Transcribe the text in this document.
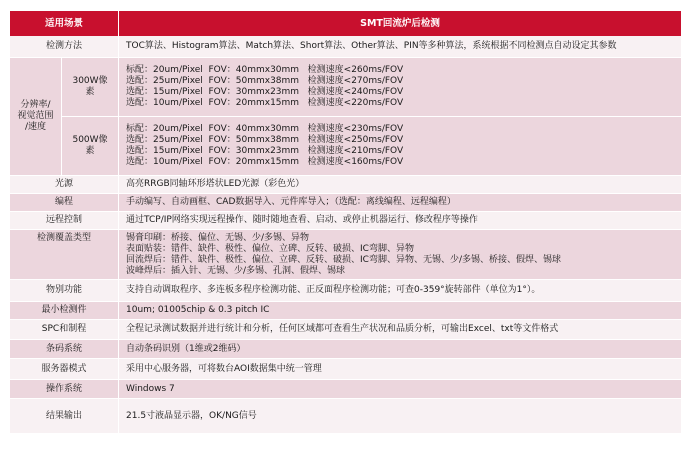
适用场景		SMT回流炉后检测
检测方法		TOC算法、Histogram算法、Match算法、Short算法、Other算法、PIN等多种算法，系统根据不同检测点自动设定其参数

分辨率/
视觉范围
/速度	300W像
素	标配：20um/Pixel  FOV：40mmx30mm   检测速度<260ms/FOV
选配：25um/Pixel  FOV：50mmx38mm   检测速度<270ms/FOV
选配：15um/Pixel  FOV：30mmx23mm   检测速度<240ms/FOV
选配：10um/Pixel  FOV：20mmx15mm   检测速度<220ms/FOV

	500W像
素	标配：20um/Pixel  FOV：40mmx30mm   检测速度<230ms/FOV
选配：25um/Pixel  FOV：50mmx38mm   检测速度<250ms/FOV
选配：15um/Pixel  FOV：30mmx23mm   检测速度<210ms/FOV
选配：10um/Pixel  FOV：20mmx15mm   检测速度<160ms/FOV

光源		高亮RRGB同轴环形塔状LED光源（彩色光）
编程		手动编写、自动画框、CAD数据导入、元件库导入；（选配：离线编程、远程编程）
远程控制		通过TCP/IP网络实现远程操作、随时随地查看、启动、或停止机器运行、修改程序等操作
检测覆盖类型		锡膏印刷：桥接、偏位、无锡、少/多锡、异物
表面贴装：错件、缺件、极性、偏位、立碑、反转、破损、IC弯脚、异物
回流焊后：错件、缺件、极性、偏位、立碑、反转、破损、IC弯脚、异物、无锡、少/多锡、桥接、假焊、锡球
波峰焊后：插入针、无锡、少/多锡、孔洞、假焊、锡球

物别功能		支持自动调取程序、多连板多程序检测功能、正反面程序检测功能；可查0-359°旋转部件（单位为1°）。
最小检测件		10um; 01005chip & 0.3 pitch IC
SPC和制程		全程记录测试数据并进行统计和分析，任何区域都可查看生产状况和品质分析，可输出Excel、txt等文件格式
条码系统		自动条码识别（1维或2维码）
服务器模式		采用中心服务器，可将数台AOI数据集中统一管理
操作系统		Windows 7
结果输出		21.5寸液晶显示器，OK/NG信号
